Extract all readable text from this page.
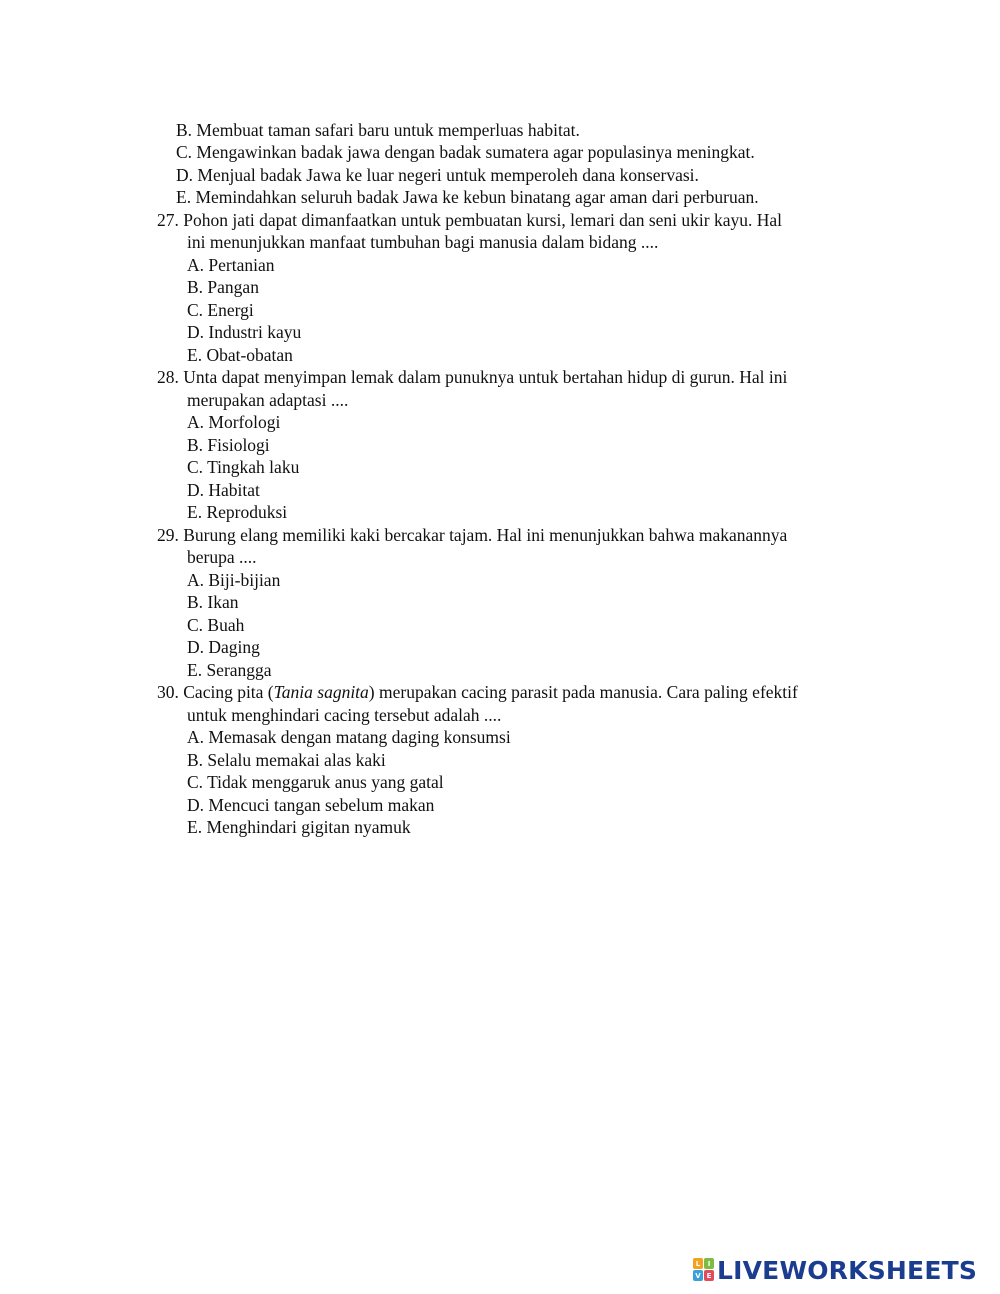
B. Membuat taman safari baru untuk memperluas habitat.
C. Mengawinkan badak jawa dengan badak sumatera agar populasinya meningkat.
D. Menjual badak Jawa ke luar negeri untuk memperoleh dana konservasi.
E. Memindahkan seluruh badak Jawa ke kebun binatang agar aman dari perburuan.
27. Pohon jati dapat dimanfaatkan untuk pembuatan kursi, lemari dan seni ukir kayu. Hal
ini menunjukkan manfaat tumbuhan bagi manusia dalam bidang ....
A. Pertanian
B. Pangan
C. Energi
D. Industri kayu
E. Obat-obatan
28. Unta dapat menyimpan lemak dalam punuknya untuk bertahan hidup di gurun. Hal ini
merupakan adaptasi ....
A. Morfologi
B. Fisiologi
C. Tingkah laku
D. Habitat
E. Reproduksi
29. Burung elang memiliki kaki bercakar tajam. Hal ini menunjukkan bahwa makanannya
berupa ....
A. Biji-bijian
B. Ikan
C. Buah
D. Daging
E. Serangga
30. Cacing pita (Tania sagnita) merupakan cacing parasit pada manusia. Cara paling efektif
untuk menghindari cacing tersebut adalah ....
A. Memasak dengan matang daging konsumsi
B. Selalu memakai alas kaki
C. Tidak menggaruk anus yang gatal
D. Mencuci tangan sebelum makan
E. Menghindari gigitan nyamuk
L	I
V E LIVEWORKSHEETS
